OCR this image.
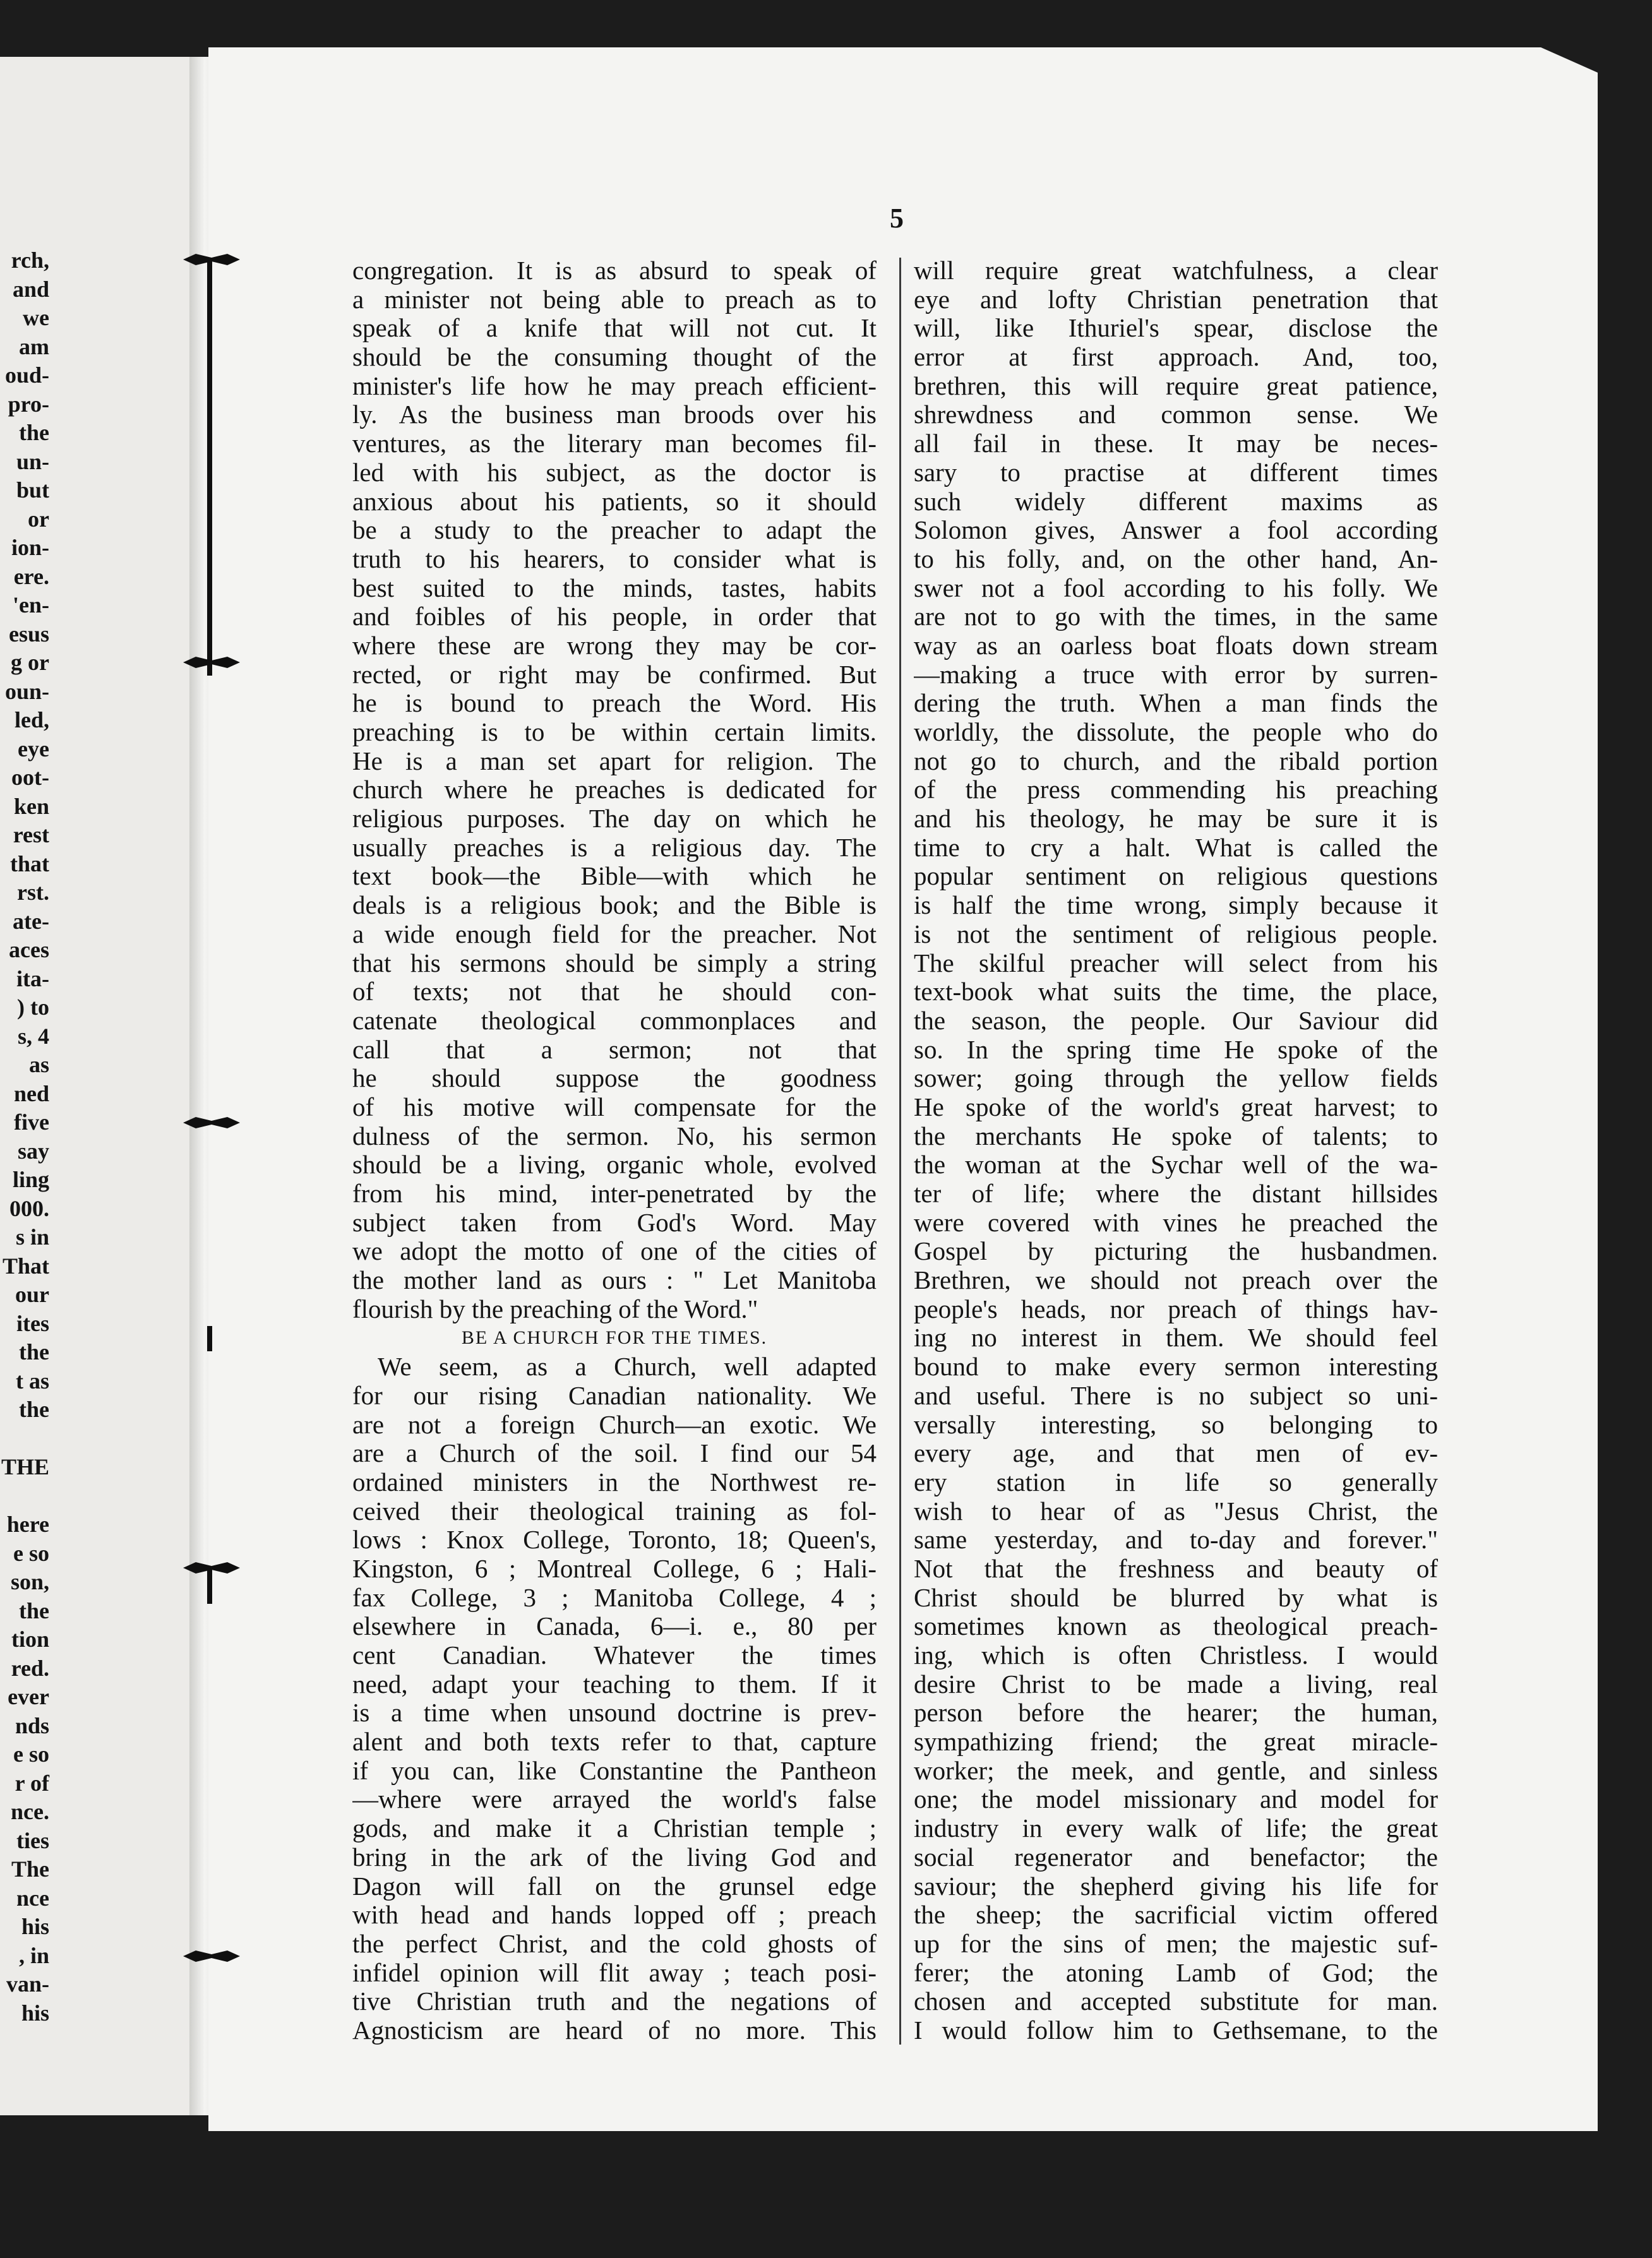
rch,
and
we
am
oud-
pro-
the
un-
but
or
ion-
ere.
'en-
esus
g or
oun-
led,
eye
oot-
ken
rest
that
rst.
ate-
aces
ita-
) to
s, 4
as
ned
five
say
ling
000.
s in
That
our
ites
the
t as
the
THE
here
e so
son,
the
tion
red.
ever
nds
e so
r of
nce.
ties
The
nce
his
, in
van-
his
5

congregation. It is as absurd to speak of

a minister not being able to preach as to

speak of a knife that will not cut. It

should be the consuming thought of the

minister's life how he may preach efficient-

ly. As the business man broods over his

ventures, as the literary man becomes fil-

led with his subject, as the doctor is

anxious about his patients, so it should

be a study to the preacher to adapt the

truth to his hearers, to consider what is

best suited to the minds, tastes, habits

and foibles of his people, in order that

where these are wrong they may be cor-

rected, or right may be confirmed. But

he is bound to preach the Word. His

preaching is to be within certain limits.

He is a man set apart for religion. The

church where he preaches is dedicated for

religious purposes. The day on which he

usually preaches is a religious day. The

text book—the Bible—with which he

deals is a religious book; and the Bible is

a wide enough field for the preacher. Not

that his sermons should be simply a string

of texts; not that he should con-

catenate theological commonplaces and

call that a sermon; not that

he should suppose the goodness

of his motive will compensate for the

dulness of the sermon. No, his sermon

should be a living, organic whole, evolved

from his mind, inter-penetrated by the

subject taken from God's Word. May

we adopt the motto of one of the cities of

the mother land as ours : " Let Manitoba

flourish by the preaching of the Word."

BE A CHURCH FOR THE TIMES.

We seem, as a Church, well adapted

for our rising Canadian nationality. We

are not a foreign Church—an exotic. We

are a Church of the soil. I find our 54

ordained ministers in the Northwest re-

ceived their theological training as fol-

lows : Knox College, Toronto, 18; Queen's,

Kingston, 6 ; Montreal College, 6 ; Hali-

fax College, 3 ; Manitoba College, 4 ;

elsewhere in Canada, 6—i. e., 80 per

cent Canadian. Whatever the times

need, adapt your teaching to them. If it

is a time when unsound doctrine is prev-

alent and both texts refer to that, capture

if you can, like Constantine the Pantheon

—where were arrayed the world's false

gods, and make it a Christian temple ;

bring in the ark of the living God and

Dagon will fall on the grunsel edge

with head and hands lopped off ; preach

the perfect Christ, and the cold ghosts of

infidel opinion will flit away ; teach posi-

tive Christian truth and the negations of

Agnosticism are heard of no more. This

will require great watchfulness, a clear

eye and lofty Christian penetration that

will, like Ithuriel's spear, disclose the

error at first approach. And, too,

brethren, this will require great patience,

shrewdness and common sense. We

all fail in these. It may be neces-

sary to practise at different times

such widely different maxims as

Solomon gives, Answer a fool according

to his folly, and, on the other hand, An-

swer not a fool according to his folly. We

are not to go with the times, in the same

way as an oarless boat floats down stream

—making a truce with error by surren-

dering the truth. When a man finds the

worldly, the dissolute, the people who do

not go to church, and the ribald portion

of the press commending his preaching

and his theology, he may be sure it is

time to cry a halt. What is called the

popular sentiment on religious questions

is half the time wrong, simply because it

is not the sentiment of religious people.

The skilful preacher will select from his

text-book what suits the time, the place,

the season, the people. Our Saviour did

so. In the spring time He spoke of the

sower; going through the yellow fields

He spoke of the world's great harvest; to

the merchants He spoke of talents; to

the woman at the Sychar well of the wa-

ter of life; where the distant hillsides

were covered with vines he preached the

Gospel by picturing the husbandmen.

Brethren, we should not preach over the

people's heads, nor preach of things hav-

ing no interest in them. We should feel

bound to make every sermon interesting

and useful. There is no subject so uni-

versally interesting, so belonging to

every age, and that men of ev-

ery station in life so generally

wish to hear of as "Jesus Christ, the

same yesterday, and to-day and forever."

Not that the freshness and beauty of

Christ should be blurred by what is

sometimes known as theological preach-

ing, which is often Christless. I would

desire Christ to be made a living, real

person before the hearer; the human,

sympathizing friend; the great miracle-

worker; the meek, and gentle, and sinless

one; the model missionary and model for

industry in every walk of life; the great

social regenerator and benefactor; the

saviour; the shepherd giving his life for

the sheep; the sacrificial victim offered

up for the sins of men; the majestic suf-

ferer; the atoning Lamb of God; the

chosen and accepted substitute for man.

I would follow him to Gethsemane, to the
